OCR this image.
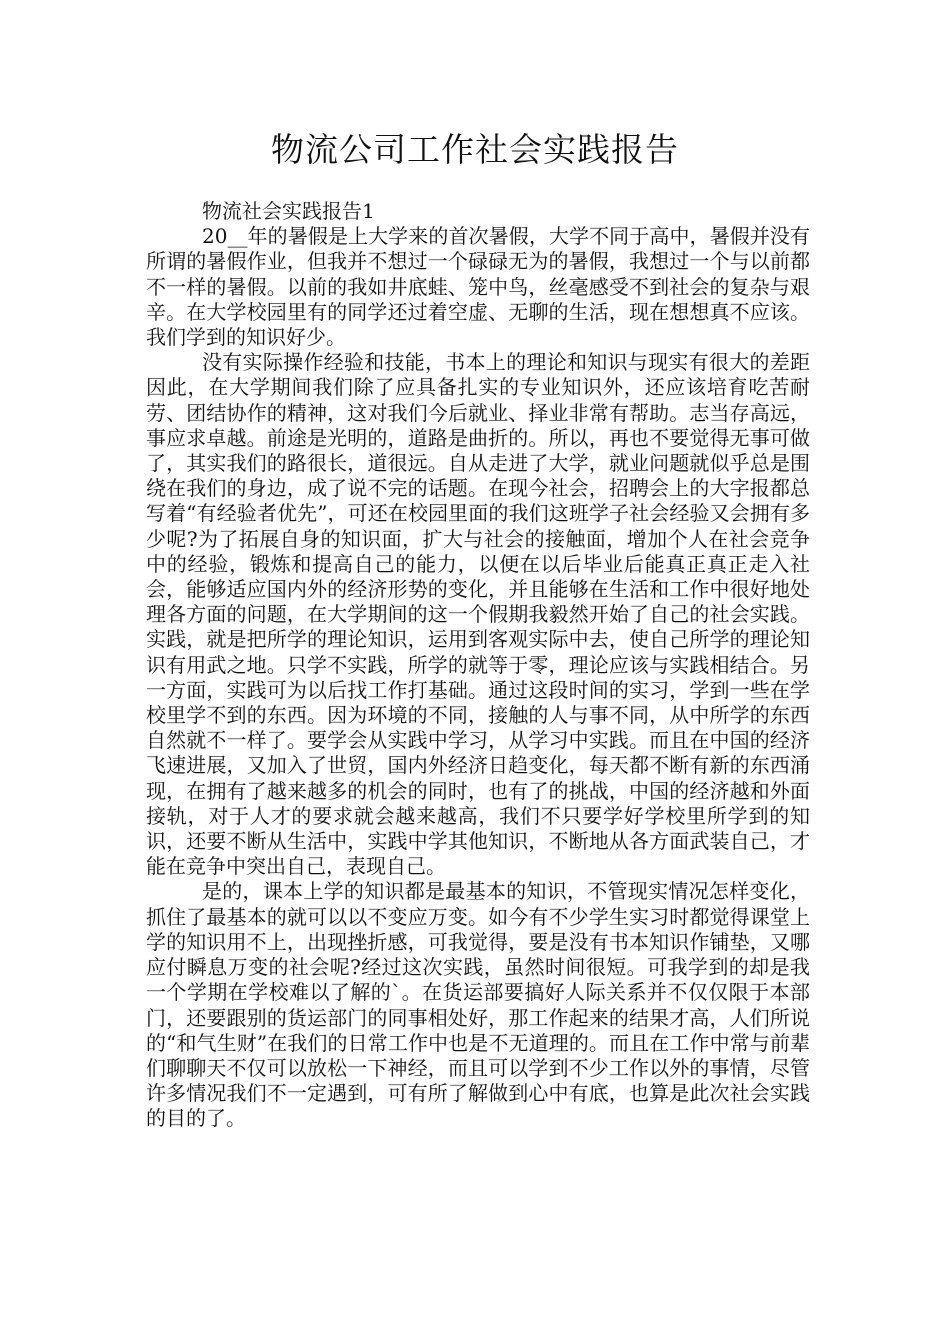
物流公司工作社会实践报告

物流社会实践报告1

20__年的暑假是上大学来的首次暑假，大学不同于高中，暑假并没有所谓的暑假作业，但我并不想过一个碌碌无为的暑假，我想过一个与以前都不一样的暑假。以前的我如井底蛙、笼中鸟，丝毫感受不到社会的复杂与艰辛。在大学校园里有的同学还过着空虚、无聊的生活，现在想想真不应该。我们学到的知识好少。

没有实际操作经验和技能，书本上的理论和知识与现实有很大的差距因此，在大学期间我们除了应具备扎实的专业知识外，还应该培育吃苦耐劳、团结协作的精神，这对我们今后就业、择业非常有帮助。志当存高远，事应求卓越。前途是光明的，道路是曲折的。所以，再也不要觉得无事可做了，其实我们的路很长，道很远。自从走进了大学，就业问题就似乎总是围绕在我们的身边，成了说不完的话题。在现今社会，招聘会上的大字报都总写着“有经验者优先”，可还在校园里面的我们这班学子社会经验又会拥有多少呢?为了拓展自身的知识面，扩大与社会的接触面，增加个人在社会竞争中的经验，锻炼和提高自己的能力，以便在以后毕业后能真正真正走入社会，能够适应国内外的经济形势的变化，并且能够在生活和工作中很好地处理各方面的问题，在大学期间的这一个假期我毅然开始了自己的社会实践。实践，就是把所学的理论知识，运用到客观实际中去，使自己所学的理论知识有用武之地。只学不实践，所学的就等于零，理论应该与实践相结合。另一方面，实践可为以后找工作打基础。通过这段时间的实习，学到一些在学校里学不到的东西。因为环境的不同，接触的人与事不同，从中所学的东西自然就不一样了。要学会从实践中学习，从学习中实践。而且在中国的经济飞速进展，又加入了世贸，国内外经济日趋变化，每天都不断有新的东西涌现，在拥有了越来越多的机会的同时，也有了的挑战，中国的经济越和外面接轨，对于人才的要求就会越来越高，我们不只要学好学校里所学到的知识，还要不断从生活中，实践中学其他知识，不断地从各方面武装自己，才能在竞争中突出自己，表现自己。

是的，课本上学的知识都是最基本的知识，不管现实情况怎样变化，抓住了最基本的就可以以不变应万变。如今有不少学生实习时都觉得课堂上学的知识用不上，出现挫折感，可我觉得，要是没有书本知识作铺垫，又哪应付瞬息万变的社会呢?经过这次实践，虽然时间很短。可我学到的却是我一个学期在学校难以了解的`。在货运部要搞好人际关系并不仅仅限于本部门，还要跟别的货运部门的同事相处好，那工作起来的结果才高，人们所说的“和气生财”在我们的日常工作中也是不无道理的。而且在工作中常与前辈们聊聊天不仅可以放松一下神经，而且可以学到不少工作以外的事情，尽管许多情况我们不一定遇到，可有所了解做到心中有底，也算是此次社会实践的目的了。
